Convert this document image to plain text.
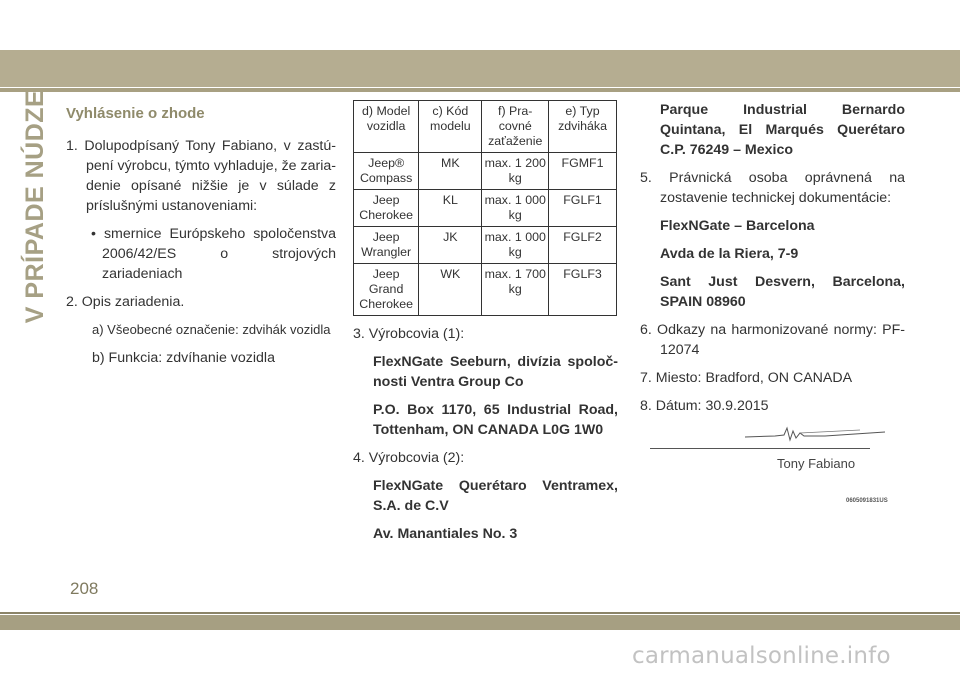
V PRÍPADE NÚDZE Vyhlásenie o zhode

1. Dolupodpísaný Tony Fabiano, v zastúpení výrobcu, týmto vyhladuje, že zariadenie opísané nižšie je v súlade z príslušnými ustanoveniami:

• smernice Európskeho spoločenstva 2006/42/ES o strojových zariadeniach

2. Opis zariadenia.

a) Všeobecné označenie: zdvihák vozidla

b) Funkcia: zdvíhanie vozidla

d) Model vozidla	c) Kód modelu	f) Pracovné zaťaženie	e) Typ zdviháka
Jeep® Compass	MK	max. 1 200 kg	FGMF1
Jeep Cherokee	KL	max. 1 000 kg	FGLF1
Jeep Wrangler	JK	max. 1 000 kg	FGLF2
Jeep Grand Cherokee	WK	max. 1 700 kg	FGLF3

3. Výrobcovia (1):

FlexNGate Seeburn, divízia spoločnosti Ventra Group Co

P.O. Box 1170, 65 Industrial Road, Tottenham, ON CANADA L0G 1W0

4. Výrobcovia (2):

FlexNGate Querétaro Ventramex, S.A. de C.V

Av. Manantiales No. 3

Parque Industrial Bernardo Quintana, El Marqués Querétaro C.P. 76249 – Mexico

5. Právnická osoba oprávnená na zostavenie technickej dokumentácie:

FlexNGate – Barcelona

Avda de la Riera, 7-9

Sant Just Desvern, Barcelona, SPAIN 08960

6. Odkazy na harmonizované normy: PF-12074

7. Miesto: Bradford, ON CANADA

8. Dátum: 30.9.2015

Tony Fabiano
0605091831US
208
carmanualsonline.info
